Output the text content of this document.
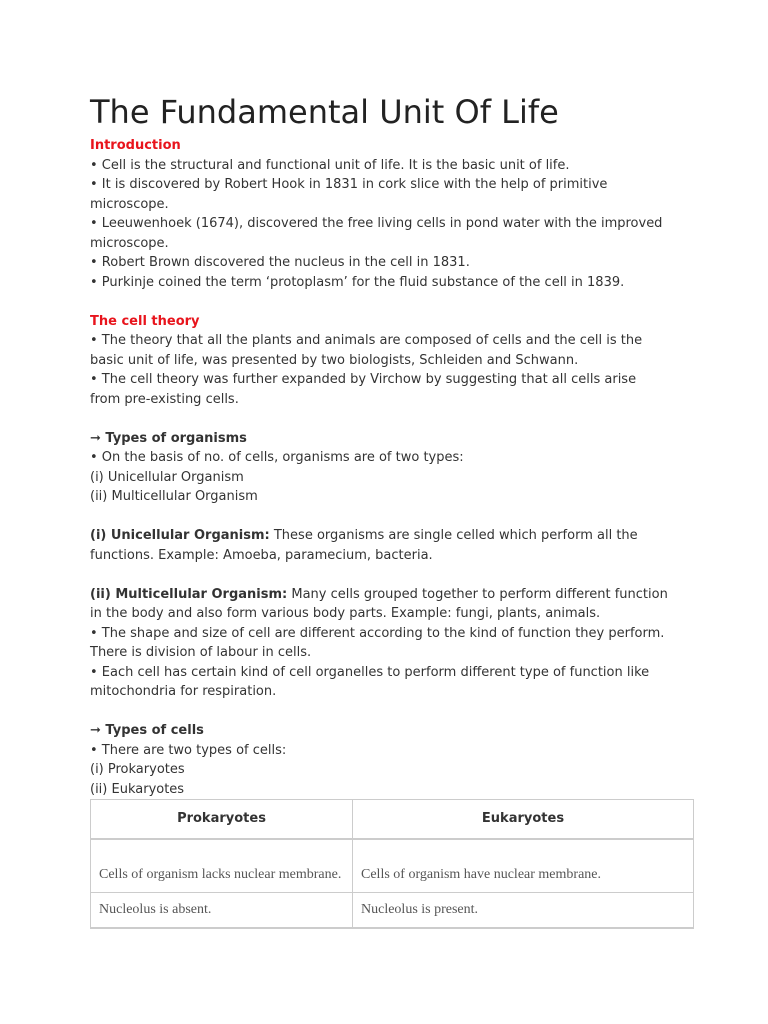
The Fundamental Unit Of Life

Introduction

• Cell is the structural and functional unit of life. It is the basic unit of life.

• It is discovered by Robert Hook in 1831 in cork slice with the help of primitive

microscope.

• Leeuwenhoek (1674), discovered the free living cells in pond water with the improved

microscope.

• Robert Brown discovered the nucleus in the cell in 1831.

• Purkinje coined the term ‘protoplasm’ for the fluid substance of the cell in 1839.

The cell theory

• The theory that all the plants and animals are composed of cells and the cell is the

basic unit of life, was presented by two biologists, Schleiden and Schwann.

• The cell theory was further expanded by Virchow by suggesting that all cells arise

from pre-existing cells.

➞ Types of organisms

• On the basis of no. of cells, organisms are of two types:

(i) Unicellular Organism

(ii) Multicellular Organism

(i) Unicellular Organism: These organisms are single celled which perform all the

functions. Example: Amoeba, paramecium, bacteria.

(ii) Multicellular Organism: Many cells grouped together to perform different function

in the body and also form various body parts. Example: fungi, plants, animals.

• The shape and size of cell are different according to the kind of function they perform.

There is division of labour in cells.

• Each cell has certain kind of cell organelles to perform different type of function like

mitochondria for respiration.

➞ Types of cells

• There are two types of cells:

(i) Prokaryotes

(ii) Eukaryotes

Prokaryotes	Eukaryotes
Cells of organism lacks nuclear membrane.	Cells of organism have nuclear membrane.
Nucleolus is absent.	Nucleolus is present.
